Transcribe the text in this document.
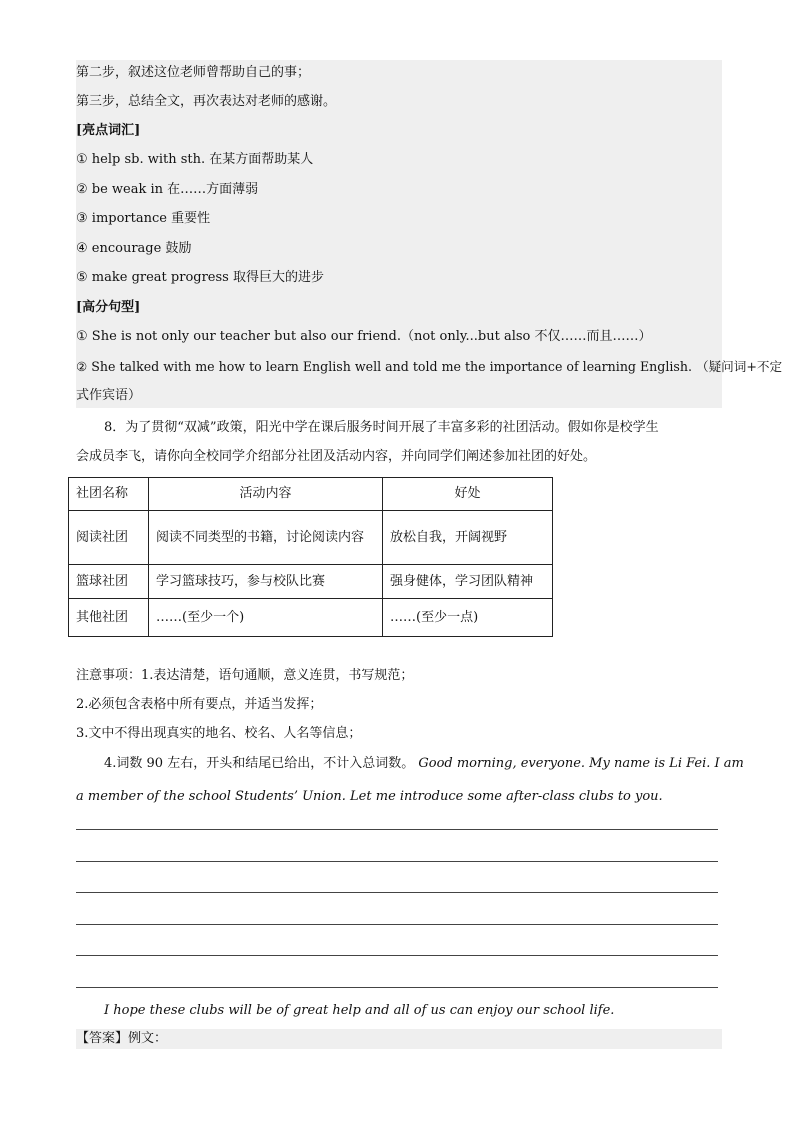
第二步，叙述这位老师曾帮助自己的事；
第三步，总结全文，再次表达对老师的感谢。
[亮点词汇]
① help sb. with sth. 在某方面帮助某人
② be weak in 在……方面薄弱
③ importance 重要性
④ encourage 鼓励
⑤ make great progress 取得巨大的进步
[高分句型]
① She is not only our teacher but also our friend.（not only...but also 不仅……而且……）
② She talked with me how to learn English well and told me the importance of learning English. （疑问词+不定
式作宾语）
8．为了贯彻“双减”政策，阳光中学在课后服务时间开展了丰富多彩的社团活动。假如你是校学生
会成员李飞，请你向全校同学介绍部分社团及活动内容，并向同学们阐述参加社团的好处。
社团名称	活动内容	好处
阅读社团	阅读不同类型的书籍，讨论阅读内容	放松自我，开阔视野
篮球社团	学习篮球技巧，参与校队比赛	强身健体，学习团队精神
其他社团	……(至少一个)	……(至少一点)
注意事项：1.表达清楚，语句通顺，意义连贯，书写规范；
2.必须包含表格中所有要点，并适当发挥；
3.文中不得出现真实的地名、校名、人名等信息；
4.词数 90 左右，开头和结尾已给出，不计入总词数。 Good morning, everyone. My name is Li Fei. I am
a member of the school Students’ Union. Let me introduce some after-class clubs to you.
I hope these clubs will be of great help and all of us can enjoy our school life.
【答案】例文：
